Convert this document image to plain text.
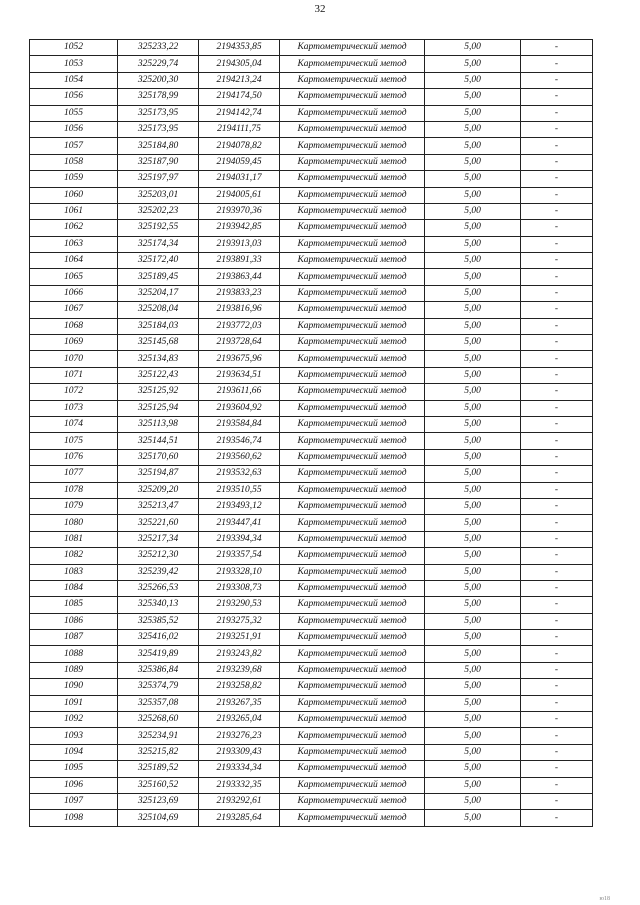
32
1052	325233,22	2194353,85	Картометрический метод	5,00	-
1053	325229,74	2194305,04	Картометрический метод	5,00	-
1054	325200,30	2194213,24	Картометрический метод	5,00	-
1056	325178,99	2194174,50	Картометрический метод	5,00	-
1055	325173,95	2194142,74	Картометрический метод	5,00	-
1056	325173,95	2194111,75	Картометрический метод	5,00	-
1057	325184,80	2194078,82	Картометрический метод	5,00	-
1058	325187,90	2194059,45	Картометрический метод	5,00	-
1059	325197,97	2194031,17	Картометрический метод	5,00	-
1060	325203,01	2194005,61	Картометрический метод	5,00	-
1061	325202,23	2193970,36	Картометрический метод	5,00	-
1062	325192,55	2193942,85	Картометрический метод	5,00	-
1063	325174,34	2193913,03	Картометрический метод	5,00	-
1064	325172,40	2193891,33	Картометрический метод	5,00	-
1065	325189,45	2193863,44	Картометрический метод	5,00	-
1066	325204,17	2193833,23	Картометрический метод	5,00	-
1067	325208,04	2193816,96	Картометрический метод	5,00	-
1068	325184,03	2193772,03	Картометрический метод	5,00	-
1069	325145,68	2193728,64	Картометрический метод	5,00	-
1070	325134,83	2193675,96	Картометрический метод	5,00	-
1071	325122,43	2193634,51	Картометрический метод	5,00	-
1072	325125,92	2193611,66	Картометрический метод	5,00	-
1073	325125,94	2193604,92	Картометрический метод	5,00	-
1074	325113,98	2193584,84	Картометрический метод	5,00	-
1075	325144,51	2193546,74	Картометрический метод	5,00	-
1076	325170,60	2193560,62	Картометрический метод	5,00	-
1077	325194,87	2193532,63	Картометрический метод	5,00	-
1078	325209,20	2193510,55	Картометрический метод	5,00	-
1079	325213,47	2193493,12	Картометрический метод	5,00	-
1080	325221,60	2193447,41	Картометрический метод	5,00	-
1081	325217,34	2193394,34	Картометрический метод	5,00	-
1082	325212,30	2193357,54	Картометрический метод	5,00	-
1083	325239,42	2193328,10	Картометрический метод	5,00	-
1084	325266,53	2193308,73	Картометрический метод	5,00	-
1085	325340,13	2193290,53	Картометрический метод	5,00	-
1086	325385,52	2193275,32	Картометрический метод	5,00	-
1087	325416,02	2193251,91	Картометрический метод	5,00	-
1088	325419,89	2193243,82	Картометрический метод	5,00	-
1089	325386,84	2193239,68	Картометрический метод	5,00	-
1090	325374,79	2193258,82	Картометрический метод	5,00	-
1091	325357,08	2193267,35	Картометрический метод	5,00	-
1092	325268,60	2193265,04	Картометрический метод	5,00	-
1093	325234,91	2193276,23	Картометрический метод	5,00	-
1094	325215,82	2193309,43	Картометрический метод	5,00	-
1095	325189,52	2193334,34	Картометрический метод	5,00	-
1096	325160,52	2193332,35	Картометрический метод	5,00	-
1097	325123,69	2193292,61	Картометрический метод	5,00	-
1098	325104,69	2193285,64	Картометрический метод	5,00	-
ю18
